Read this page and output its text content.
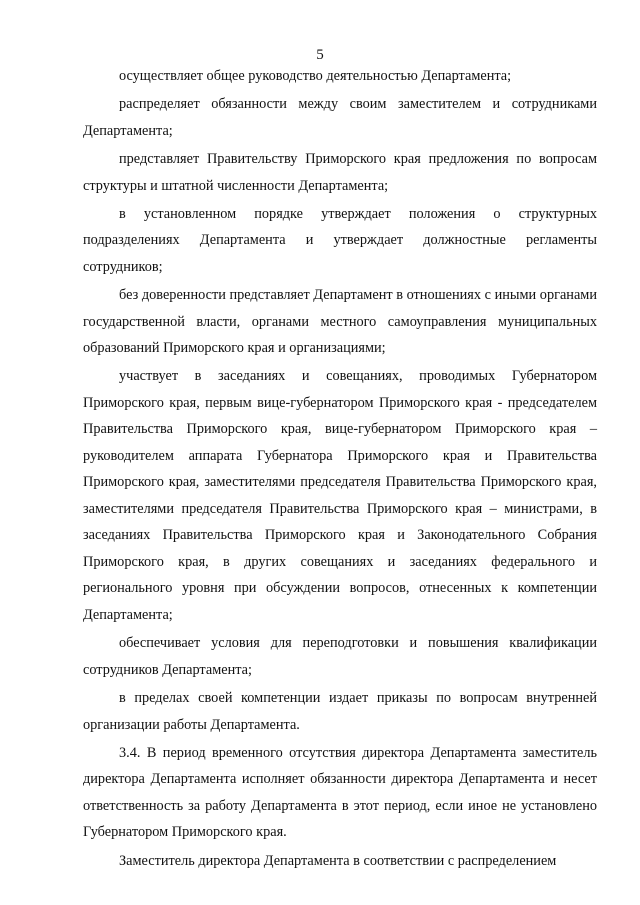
5

осуществляет общее руководство деятельностью Департамента;

распределяет обязанности между своим заместителем и сотрудниками Департамента;

представляет Правительству Приморского края предложения по вопросам структуры и штатной численности Департамента;

в установленном порядке утверждает положения о структурных подразделениях Департамента и утверждает должностные регламенты сотрудников;

без доверенности представляет Департамент в отношениях с иными органами государственной власти, органами местного самоуправления муниципальных образований Приморского края и организациями;

участвует в заседаниях и совещаниях, проводимых Губернатором Приморского края, первым вице-губернатором Приморского края - председателем Правительства Приморского края, вице-губернатором Приморского края – руководителем аппарата Губернатора Приморского края и Правительства Приморского края, заместителями председателя Правительства Приморского края, заместителями председателя Правительства Приморского края – министрами, в заседаниях Правительства Приморского края и Законодательного Собрания Приморского края, в других совещаниях и заседаниях федерального и регионального уровня при обсуждении вопросов, отнесенных к компетенции Департамента;

обеспечивает условия для переподготовки и повышения квалификации сотрудников Департамента;

в пределах своей компетенции издает приказы по вопросам внутренней организации работы Департамента.

3.4. В период временного отсутствия директора Департамента заместитель директора Департамента исполняет обязанности директора Департамента и несет ответственность за работу Департамента в этот период, если иное не установлено Губернатором Приморского края.

Заместитель директора Департамента в соответствии с распределением
